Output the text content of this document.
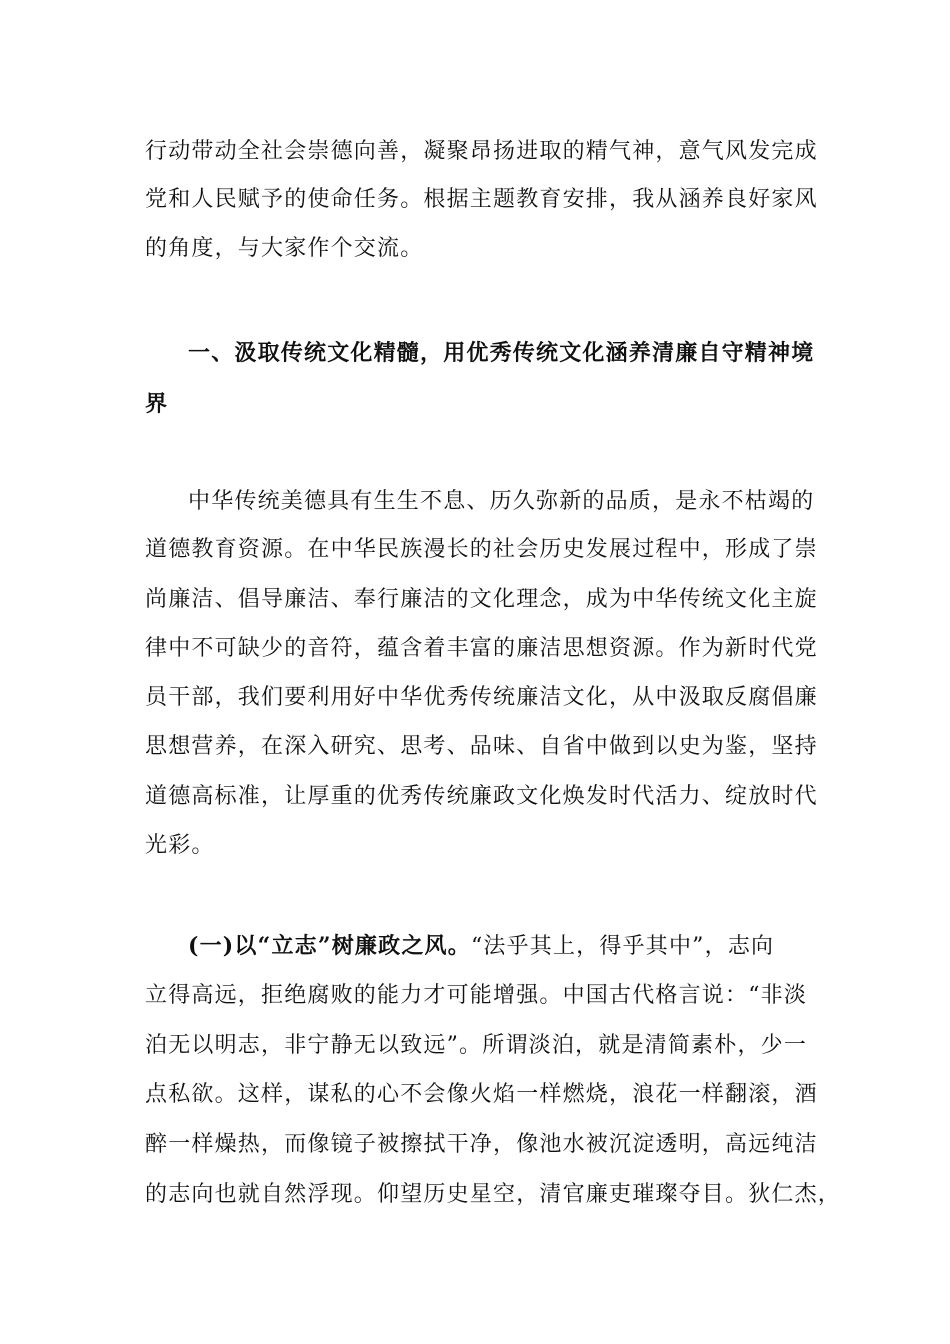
行动带动全社会崇德向善，凝聚昂扬进取的精气神，意气风发完成
党和人民赋予的使命任务。根据主题教育安排，我从涵养良好家风
的角度，与大家作个交流。
一、汲取传统文化精髓，用优秀传统文化涵养清廉自守精神境
界
中华传统美德具有生生不息、历久弥新的品质，是永不枯竭的
道德教育资源。在中华民族漫长的社会历史发展过程中，形成了崇
尚廉洁、倡导廉洁、奉行廉洁的文化理念，成为中华传统文化主旋
律中不可缺少的音符，蕴含着丰富的廉洁思想资源。作为新时代党
员干部，我们要利用好中华优秀传统廉洁文化，从中汲取反腐倡廉
思想营养，在深入研究、思考、品味、自省中做到以史为鉴，坚持
道德高标准，让厚重的优秀传统廉政文化焕发时代活力、绽放时代
光彩。
(一)以“立志”树廉政之风。“法乎其上，得乎其中”，志向
立得高远，拒绝腐败的能力才可能增强。中国古代格言说：“非淡
泊无以明志，非宁静无以致远”。所谓淡泊，就是清简素朴，少一
点私欲。这样，谋私的心不会像火焰一样燃烧，浪花一样翻滚，酒
醉一样燥热，而像镜子被擦拭干净，像池水被沉淀透明，高远纯洁
的志向也就自然浮现。仰望历史星空，清官廉吏璀璨夺目。狄仁杰，
